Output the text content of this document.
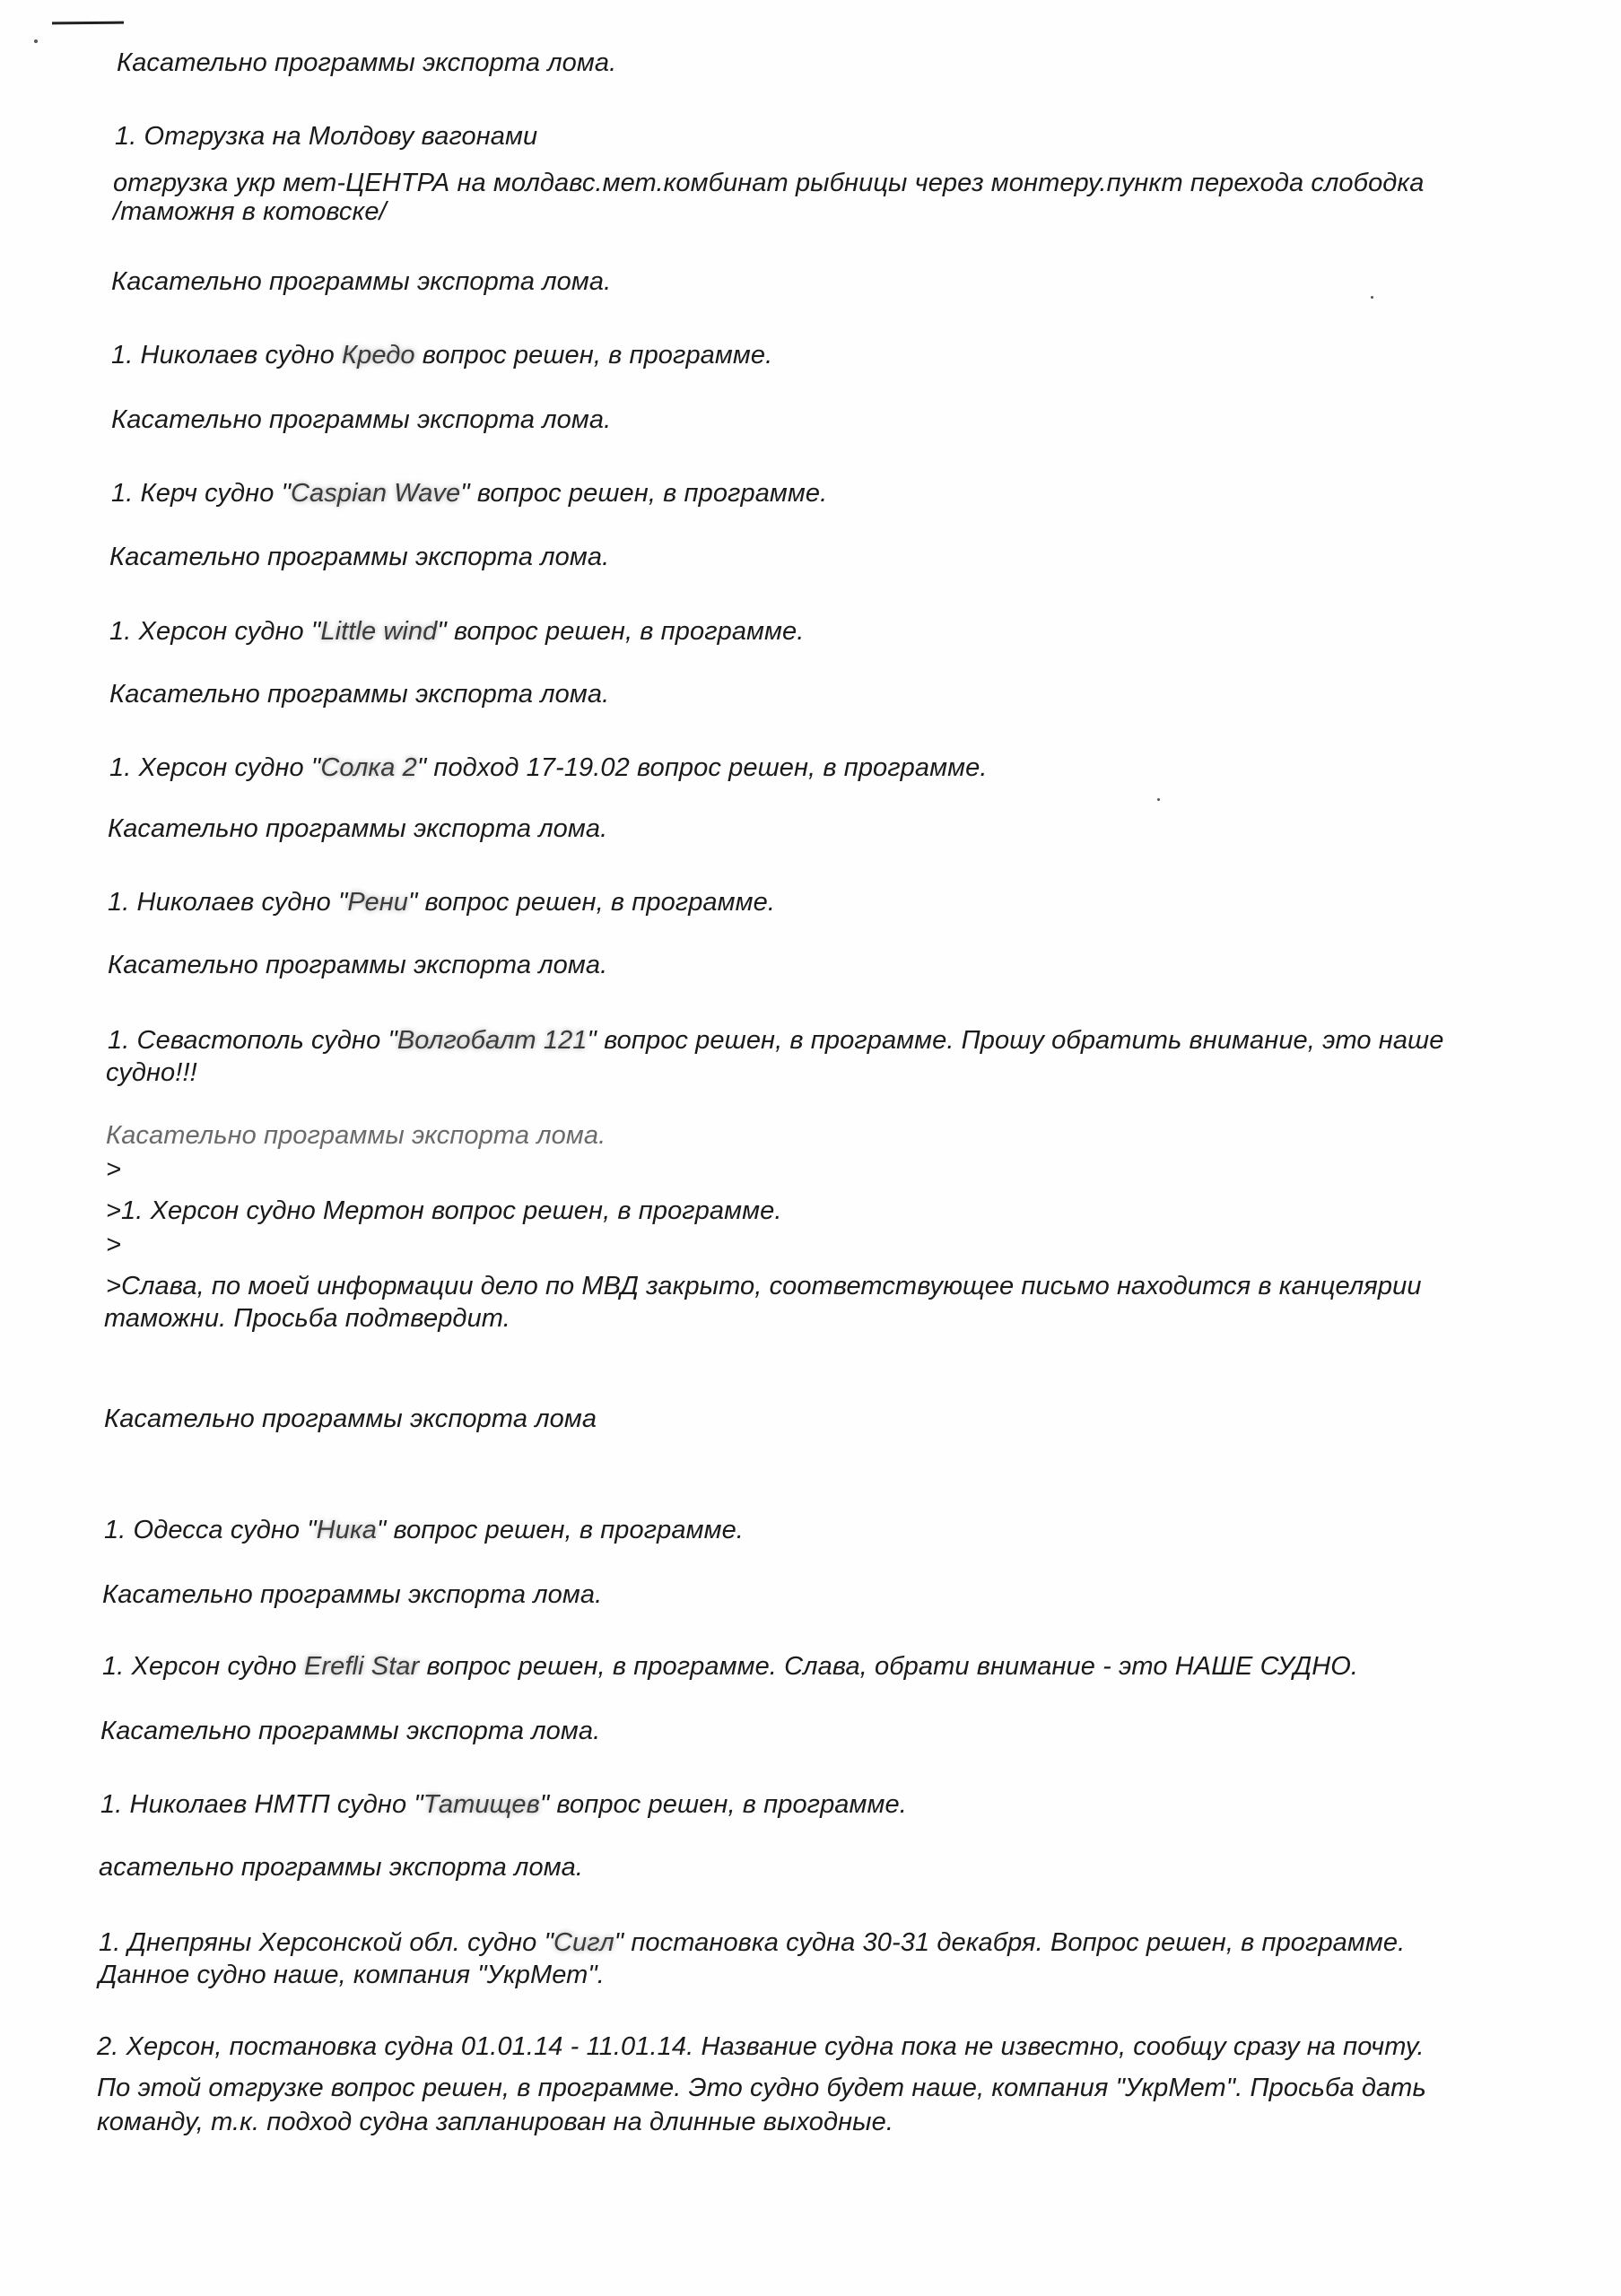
Касательно программы экспорта лома.
1. Отгрузка на Молдову вагонами
отгрузка укр мет-ЦЕНТРА на молдавс.мет.комбинат рыбницы через монтеру.пункт перехода слободка
/таможня в котовске/
Касательно программы экспорта лома.
1. Николаев судно Кредо вопрос решен, в программе.
Касательно программы экспорта лома.
1. Керч судно "Caspian Wave" вопрос решен, в программе.
Касательно программы экспорта лома.
1. Херсон судно "Little wind" вопрос решен, в программе.
Касательно программы экспорта лома.
1. Херсон судно "Солка 2" подход 17-19.02 вопрос решен, в программе.
Касательно программы экспорта лома.
1. Николаев судно "Рени" вопрос решен, в программе.
Касательно программы экспорта лома.
1. Севастополь судно "Волгобалт 121" вопрос решен, в программе. Прошу обратить внимание, это наше
судно!!!
Касательно программы экспорта лома.
>
>1. Херсон судно Мертон вопрос решен, в программе.
>
>Слава, по моей информации дело по МВД закрыто, соответствующее письмо находится в канцелярии
таможни. Просьба подтвердит.
Касательно программы экспорта лома
1. Одесса судно "Ника" вопрос решен, в программе.
Касательно программы экспорта лома.
1. Херсон судно Erefli Star вопрос решен, в программе. Слава, обрати внимание - это НАШЕ СУДНО.
Касательно программы экспорта лома.
1. Николаев НМТП судно "Татищев" вопрос решен, в программе.
асательно программы экспорта лома.
1. Днепряны Херсонской обл. судно "Сигл" постановка судна 30-31 декабря. Вопрос решен, в программе.
Данное судно наше, компания "УкрМет".
2. Херсон, постановка судна 01.01.14 - 11.01.14. Название судна пока не известно, сообщу сразу на почту.
По этой отгрузке вопрос решен, в программе. Это судно будет наше, компания "УкрМет". Просьба дать
команду, т.к. подход судна запланирован на длинные выходные.
